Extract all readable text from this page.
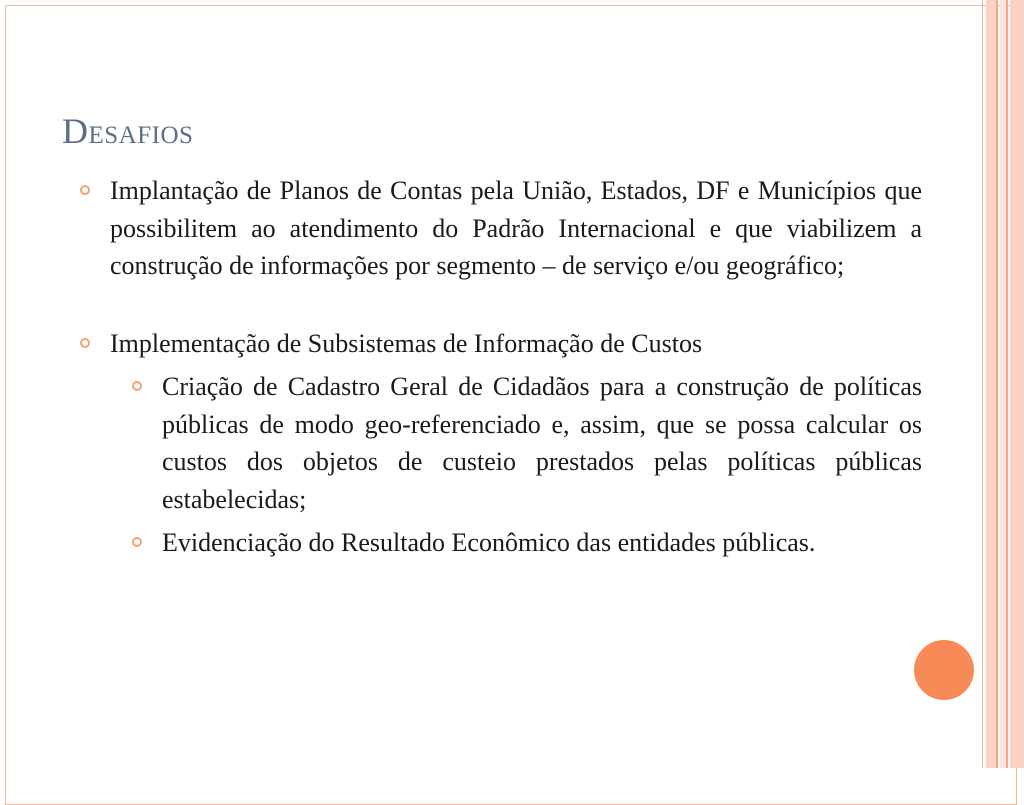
Desafios
Implantação de Planos de Contas pela União, Estados, DF e Municípios que possibilitem ao atendimento do Padrão Internacional e que viabilizem a construção de informações por segmento – de serviço e/ou geográfico;
Implementação de Subsistemas de Informação de Custos
Criação de Cadastro Geral de Cidadãos para a construção de políticas públicas de modo geo-referenciado e, assim, que se possa calcular os custos dos objetos de custeio prestados pelas políticas públicas estabelecidas;
Evidenciação do Resultado Econômico das entidades públicas.
